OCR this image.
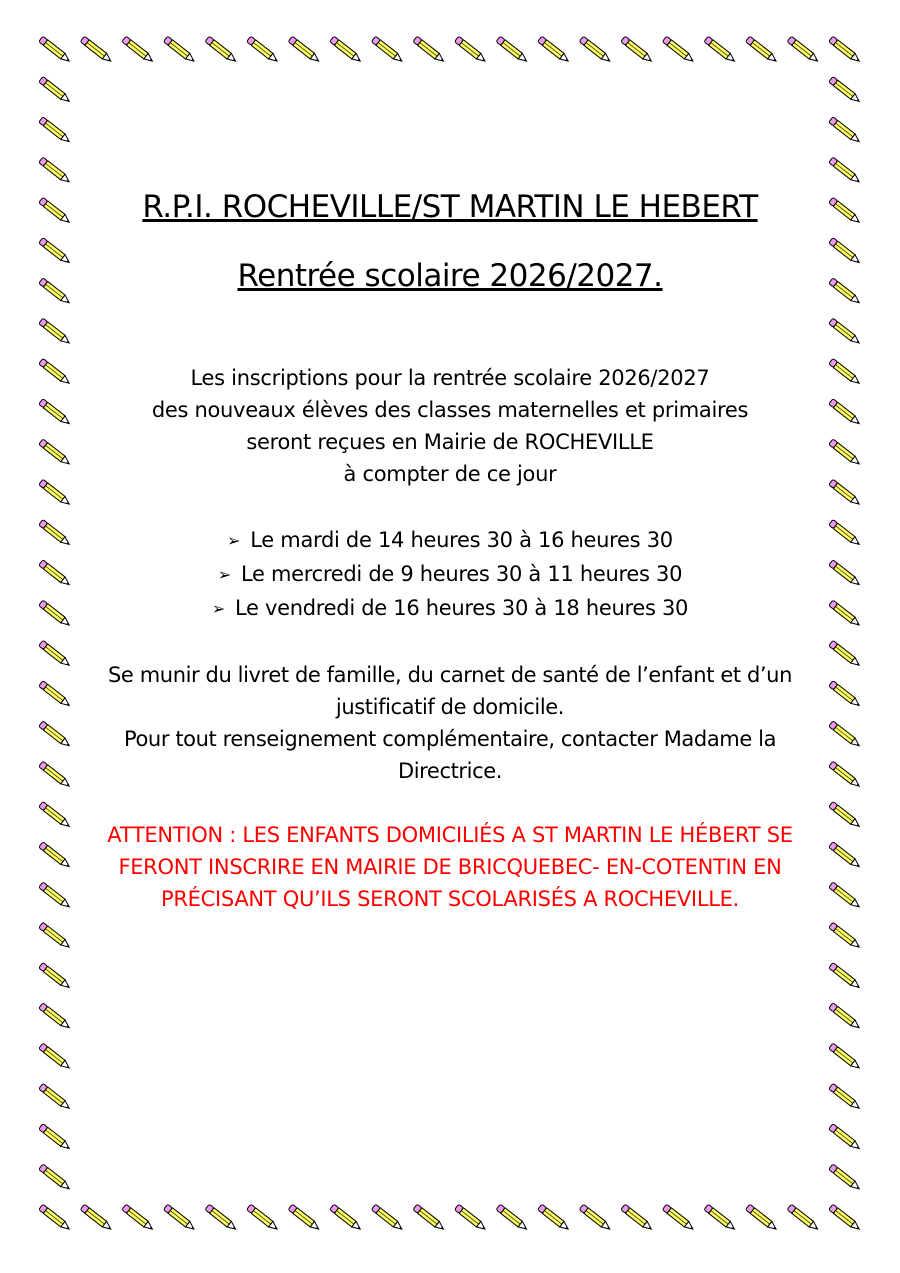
R.P.I. ROCHEVILLE/ST MARTIN LE HEBERT
Rentrée scolaire 2026/2027.
Les inscriptions pour la rentrée scolaire 2026/2027
des nouveaux élèves des classes maternelles et primaires
seront reçues en Mairie de ROCHEVILLE
à compter de ce jour
➢ Le mardi de 14 heures 30 à 16 heures 30
➢ Le mercredi de 9 heures 30 à 11 heures 30
➢ Le vendredi de 16 heures 30 à 18 heures 30
Se munir du livret de famille, du carnet de santé de l’enfant et d’un justificatif de domicile.
Pour tout renseignement complémentaire, contacter Madame la Directrice.
ATTENTION : LES ENFANTS DOMICILIÉS A ST MARTIN LE HÉBERT SE FERONT INSCRIRE EN MAIRIE DE BRICQUEBEC- EN-COTENTIN EN PRÉCISANT QU’ILS SERONT SCOLARISÉS A ROCHEVILLE.
